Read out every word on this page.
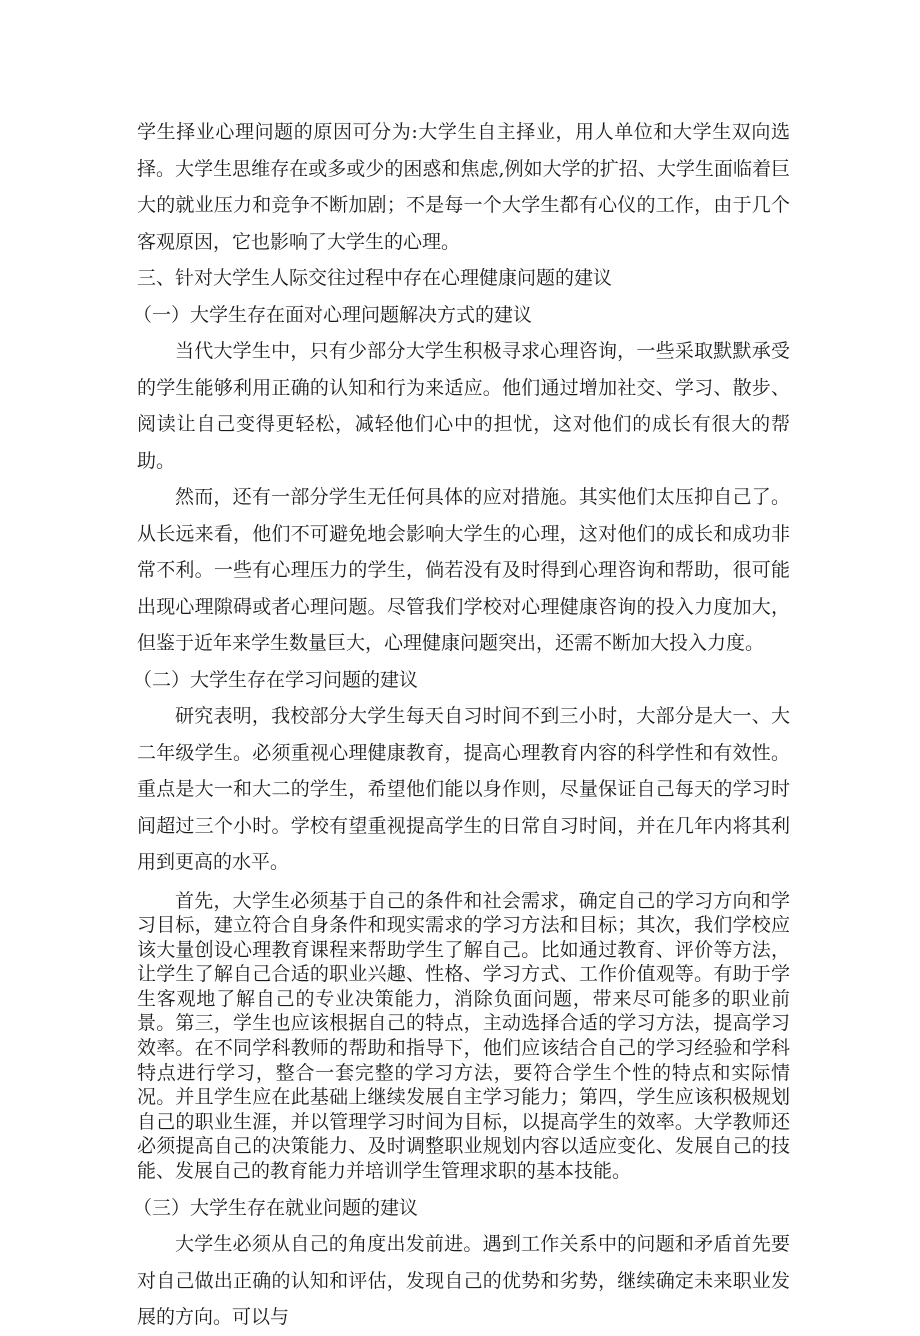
学生择业心理问题的原因可分为:大学生自主择业，用人单位和大学生双向选择。大学生思维存在或多或少的困惑和焦虑,例如大学的扩招、大学生面临着巨大的就业压力和竞争不断加剧；不是每一个大学生都有心仪的工作，由于几个客观原因，它也影响了大学生的心理。

三、针对大学生人际交往过程中存在心理健康问题的建议

（一）大学生存在面对心理问题解决方式的建议

当代大学生中，只有少部分大学生积极寻求心理咨询，一些采取默默承受的学生能够利用正确的认知和行为来适应。他们通过增加社交、学习、散步、阅读让自己变得更轻松，减轻他们心中的担忧，这对他们的成长有很大的帮助。

然而，还有一部分学生无任何具体的应对措施。其实他们太压抑自己了。从长远来看，他们不可避免地会影响大学生的心理，这对他们的成长和成功非常不利。一些有心理压力的学生，倘若没有及时得到心理咨询和帮助，很可能出现心理隙碍或者心理问题。尽管我们学校对心理健康咨询的投入力度加大，但鉴于近年来学生数量巨大，心理健康问题突出，还需不断加大投入力度。

（二）大学生存在学习问题的建议

研究表明，我校部分大学生每天自习时间不到三小时，大部分是大一、大二年级学生。必须重视心理健康教育，提高心理教育内容的科学性和有效性。重点是大一和大二的学生，希望他们能以身作则，尽量保证自己每天的学习时间超过三个小时。学校有望重视提高学生的日常自习时间，并在几年内将其利用到更高的水平。

首先，大学生必须基于自己的条件和社会需求，确定自己的学习方向和学习目标，建立符合自身条件和现实需求的学习方法和目标；其次，我们学校应该大量创设心理教育课程来帮助学生了解自己。比如通过教育、评价等方法，让学生了解自己合适的职业兴趣、性格、学习方式、工作价值观等。有助于学生客观地了解自己的专业决策能力，消除负面问题，带来尽可能多的职业前景。第三，学生也应该根据自己的特点，主动选择合适的学习方法，提高学习效率。在不同学科教师的帮助和指导下，他们应该结合自己的学习经验和学科特点进行学习，整合一套完整的学习方法，要符合学生个性的特点和实际情况。并且学生应在此基础上继续发展自主学习能力；第四，学生应该积极规划自己的职业生涯，并以管理学习时间为目标，以提高学生的效率。大学教师还必须提高自己的决策能力、及时调整职业规划内容以适应变化、发展自己的技能、发展自己的教育能力并培训学生管理求职的基本技能。

（三）大学生存在就业问题的建议

大学生必须从自己的角度出发前进。遇到工作关系中的问题和矛盾首先要对自己做出正确的认知和评估，发现自己的优势和劣势，继续确定未来职业发展的方向。可以与
